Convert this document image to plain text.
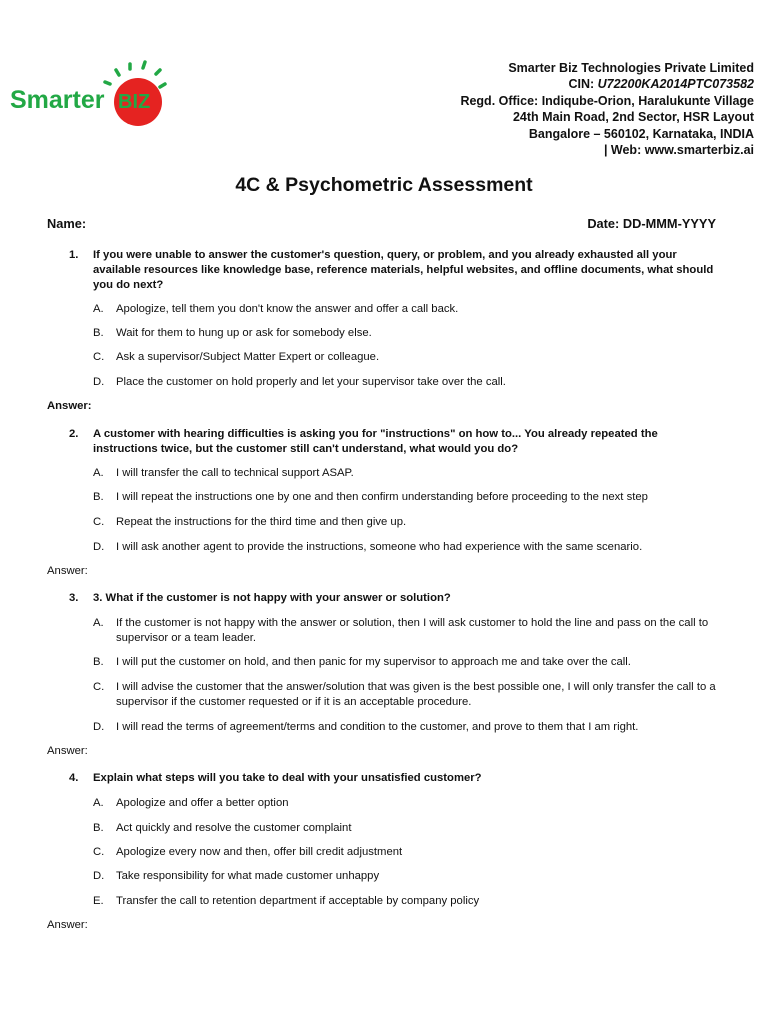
Smarter BIZ
Smarter Biz Technologies Private Limited
CIN: U72200KA2014PTC073582
Regd. Office: Indiqube-Orion, Haralukunte Village
24th Main Road, 2nd Sector, HSR Layout
Bangalore – 560102, Karnataka, INDIA
| Web: www.smarterbiz.ai
4C & Psychometric Assessment
Name:	Date: DD-MMM-YYYY
1. If you were unable to answer the customer's question, query, or problem, and you already exhausted all your available resources like knowledge base, reference materials, helpful websites, and offline documents, what should you do next?
A. Apologize, tell them you don't know the answer and offer a call back.
B. Wait for them to hung up or ask for somebody else.
C. Ask a supervisor/Subject Matter Expert or colleague.
D. Place the customer on hold properly and let your supervisor take over the call.
Answer:
2. A customer with hearing difficulties is asking you for "instructions" on how to... You already repeated the instructions twice, but the customer still can't understand, what would you do?
A. I will transfer the call to technical support ASAP.
B. I will repeat the instructions one by one and then confirm understanding before proceeding to the next step
C. Repeat the instructions for the third time and then give up.
D. I will ask another agent to provide the instructions, someone who had experience with the same scenario.
Answer:
3. 3. What if the customer is not happy with your answer or solution?
A. If the customer is not happy with the answer or solution, then I will ask customer to hold the line and pass on the call to supervisor or a team leader.
B. I will put the customer on hold, and then panic for my supervisor to approach me and take over the call.
C. I will advise the customer that the answer/solution that was given is the best possible one, I will only transfer the call to a supervisor if the customer requested or if it is an acceptable procedure.
D. I will read the terms of agreement/terms and condition to the customer, and prove to them that I am right.
Answer:
4. Explain what steps will you take to deal with your unsatisfied customer?
A. Apologize and offer a better option
B. Act quickly and resolve the customer complaint
C. Apologize every now and then, offer bill credit adjustment
D. Take responsibility for what made customer unhappy
E. Transfer the call to retention department if acceptable by company policy
Answer:
